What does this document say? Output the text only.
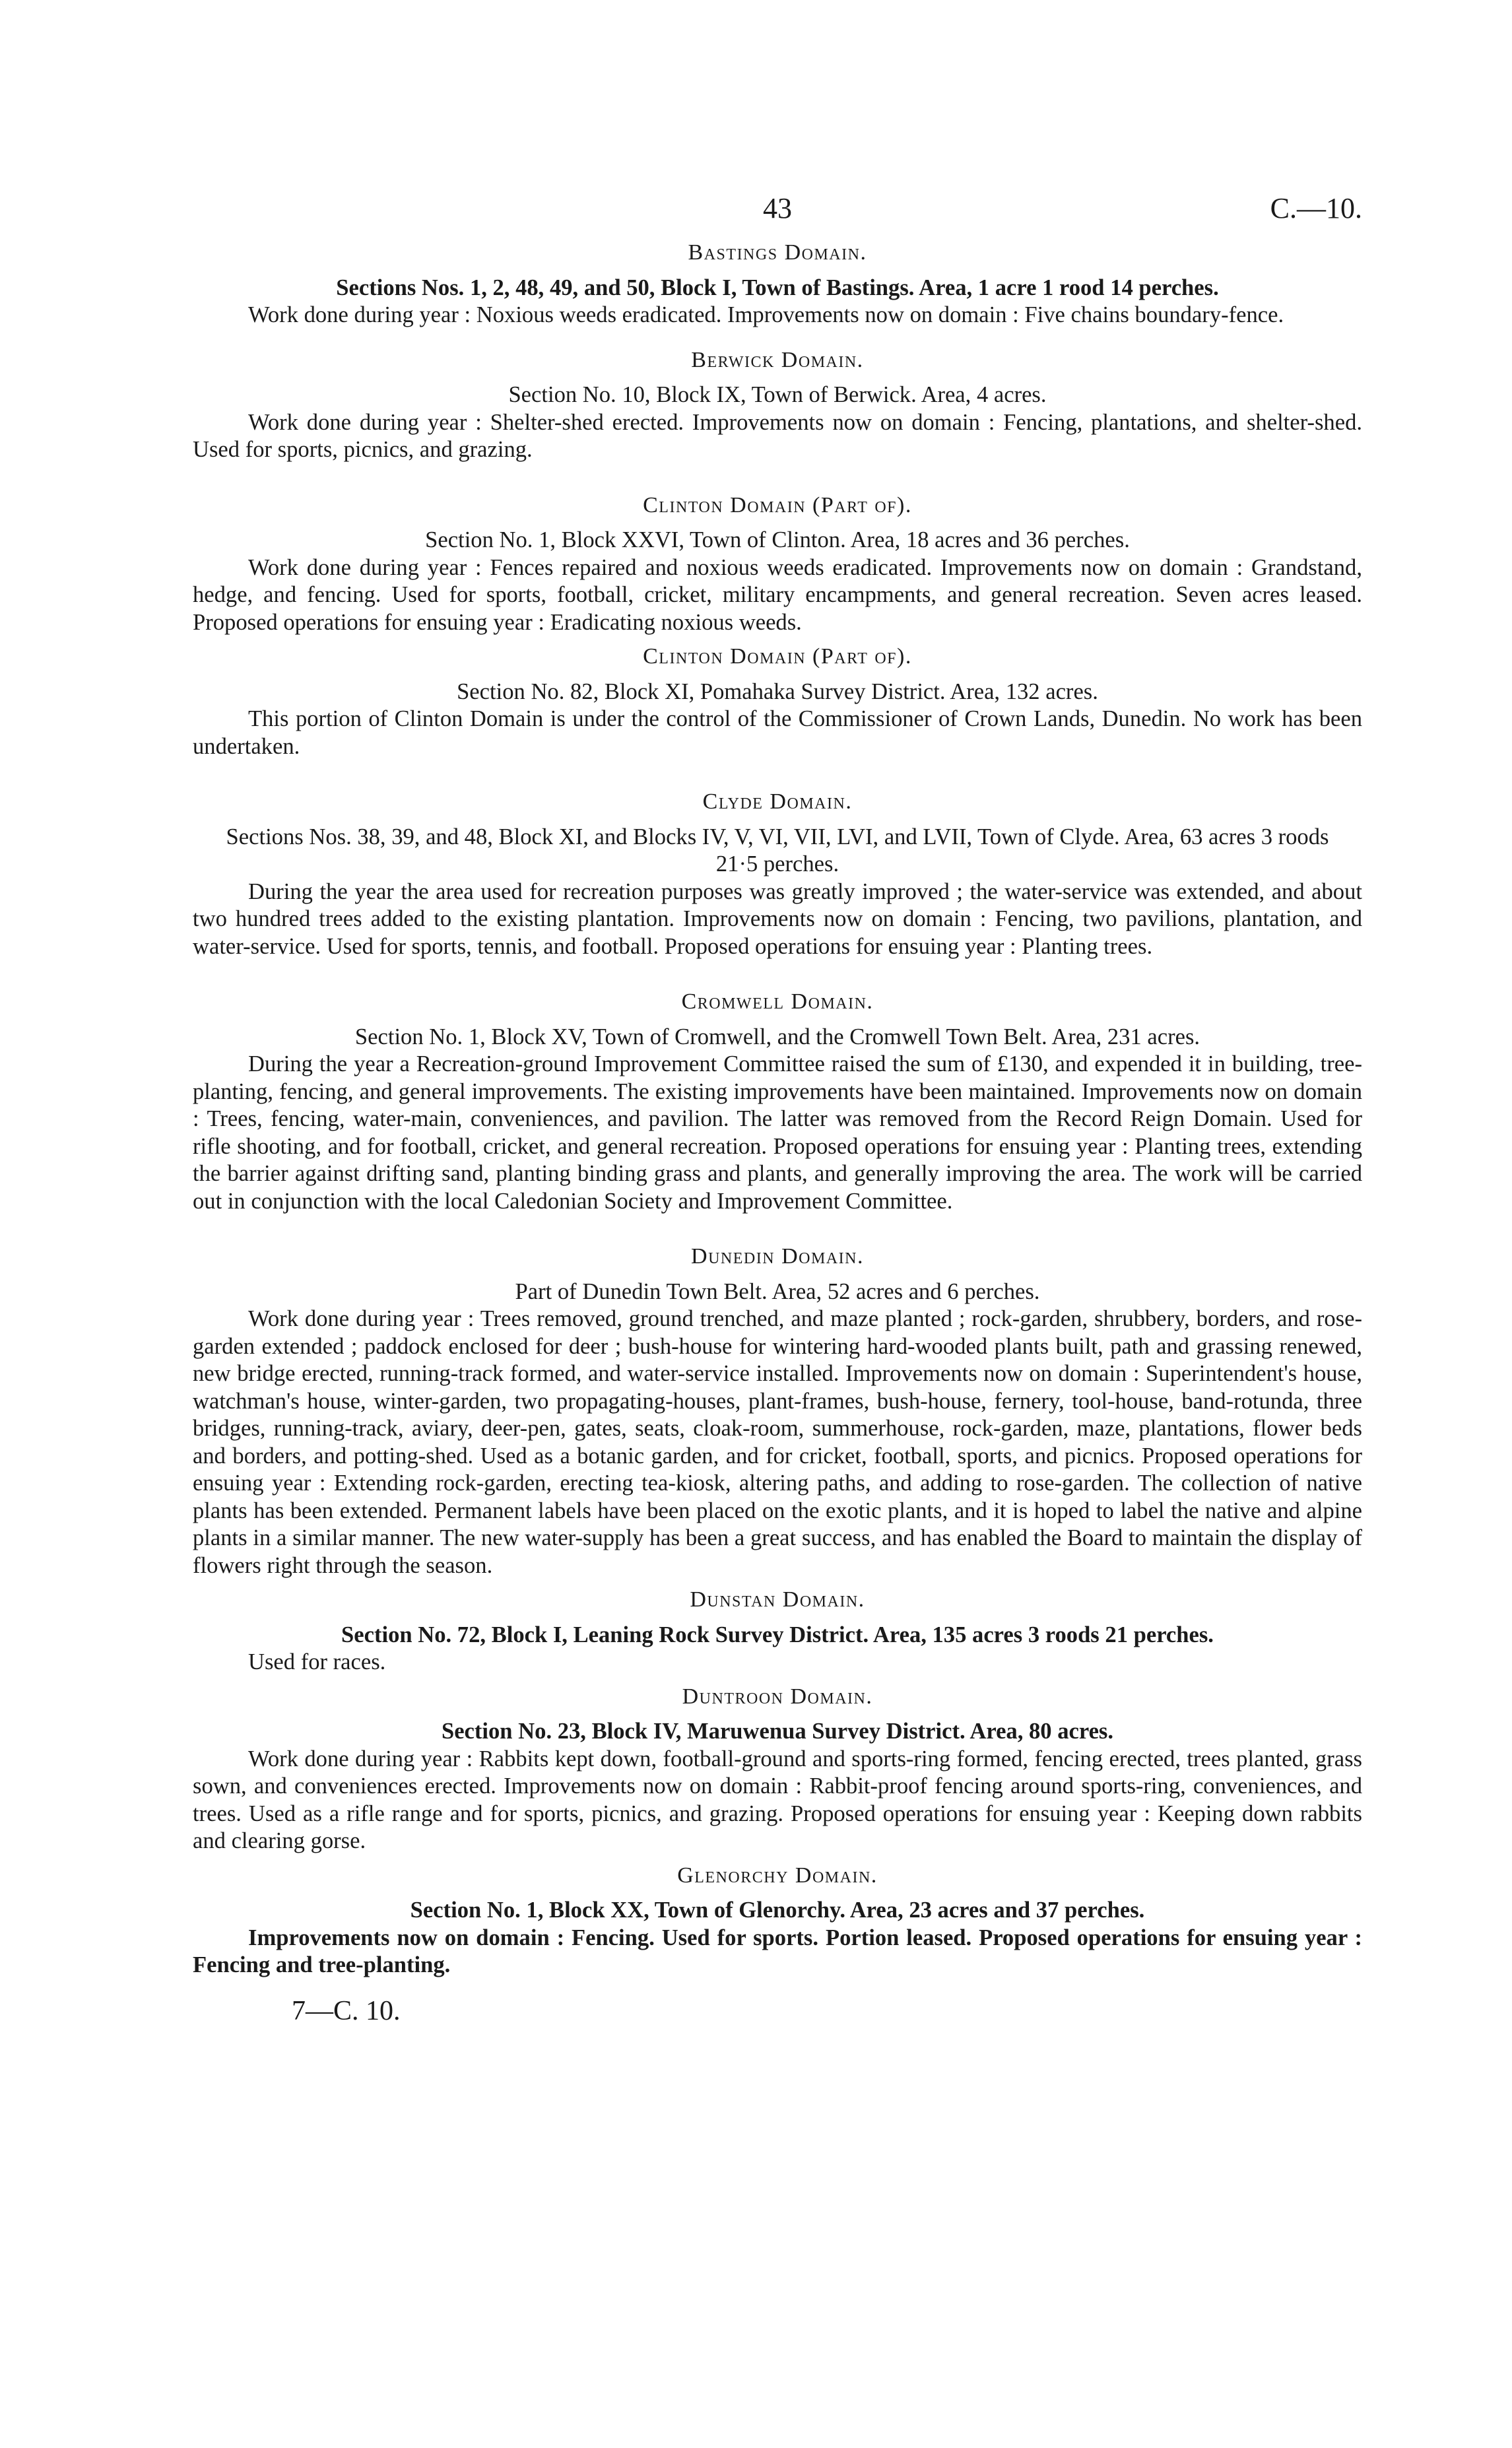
43	C.—10.

Bastings Domain.

Sections Nos. 1, 2, 48, 49, and 50, Block I, Town of Bastings. Area, 1 acre 1 rood 14 perches.

Work done during year : Noxious weeds eradicated. Improvements now on domain : Five chains boundary-fence.

Berwick Domain.

Section No. 10, Block IX, Town of Berwick. Area, 4 acres.

Work done during year : Shelter-shed erected. Improvements now on domain : Fencing, plantations, and shelter-shed. Used for sports, picnics, and grazing.

Clinton Domain (Part of).

Section No. 1, Block XXVI, Town of Clinton. Area, 18 acres and 36 perches.

Work done during year : Fences repaired and noxious weeds eradicated. Improvements now on domain : Grandstand, hedge, and fencing. Used for sports, football, cricket, military encampments, and general recreation. Seven acres leased. Proposed operations for ensuing year : Eradicating noxious weeds.

Clinton Domain (Part of).

Section No. 82, Block XI, Pomahaka Survey District. Area, 132 acres.

This portion of Clinton Domain is under the control of the Commissioner of Crown Lands, Dunedin. No work has been undertaken.

Clyde Domain.

Sections Nos. 38, 39, and 48, Block XI, and Blocks IV, V, VI, VII, LVI, and LVII, Town of Clyde. Area, 63 acres 3 roods 21·5 perches.

During the year the area used for recreation purposes was greatly improved ; the water-service was extended, and about two hundred trees added to the existing plantation. Improvements now on domain : Fencing, two pavilions, plantation, and water-service. Used for sports, tennis, and football. Proposed operations for ensuing year : Planting trees.

Cromwell Domain.

Section No. 1, Block XV, Town of Cromwell, and the Cromwell Town Belt. Area, 231 acres.

During the year a Recreation-ground Improvement Committee raised the sum of £130, and expended it in building, tree-planting, fencing, and general improvements. The existing improvements have been maintained. Improvements now on domain : Trees, fencing, water-main, conveniences, and pavilion. The latter was removed from the Record Reign Domain. Used for rifle shooting, and for football, cricket, and general recreation. Proposed operations for ensuing year : Planting trees, extending the barrier against drifting sand, planting binding grass and plants, and generally improving the area. The work will be carried out in conjunction with the local Caledonian Society and Improvement Committee.

Dunedin Domain.

Part of Dunedin Town Belt. Area, 52 acres and 6 perches.

Work done during year : Trees removed, ground trenched, and maze planted ; rock-garden, shrubbery, borders, and rose-garden extended ; paddock enclosed for deer ; bush-house for wintering hard-wooded plants built, path and grassing renewed, new bridge erected, running-track formed, and water-service installed. Improvements now on domain : Superintendent's house, watchman's house, winter-garden, two propagating-houses, plant-frames, bush-house, fernery, tool-house, band-rotunda, three bridges, running-track, aviary, deer-pen, gates, seats, cloak-room, summerhouse, rock-garden, maze, plantations, flower beds and borders, and potting-shed. Used as a botanic garden, and for cricket, football, sports, and picnics. Proposed operations for ensuing year : Extending rock-garden, erecting tea-kiosk, altering paths, and adding to rose-garden. The collection of native plants has been extended. Permanent labels have been placed on the exotic plants, and it is hoped to label the native and alpine plants in a similar manner. The new water-supply has been a great success, and has enabled the Board to maintain the display of flowers right through the season.

Dunstan Domain.

Section No. 72, Block I, Leaning Rock Survey District. Area, 135 acres 3 roods 21 perches.

Used for races.

Duntroon Domain.

Section No. 23, Block IV, Maruwenua Survey District. Area, 80 acres.

Work done during year : Rabbits kept down, football-ground and sports-ring formed, fencing erected, trees planted, grass sown, and conveniences erected. Improvements now on domain : Rabbit-proof fencing around sports-ring, conveniences, and trees. Used as a rifle range and for sports, picnics, and grazing. Proposed operations for ensuing year : Keeping down rabbits and clearing gorse.

Glenorchy Domain.

Section No. 1, Block XX, Town of Glenorchy. Area, 23 acres and 37 perches.

Improvements now on domain : Fencing. Used for sports. Portion leased. Proposed operations for ensuing year : Fencing and tree-planting.

7—C. 10.
